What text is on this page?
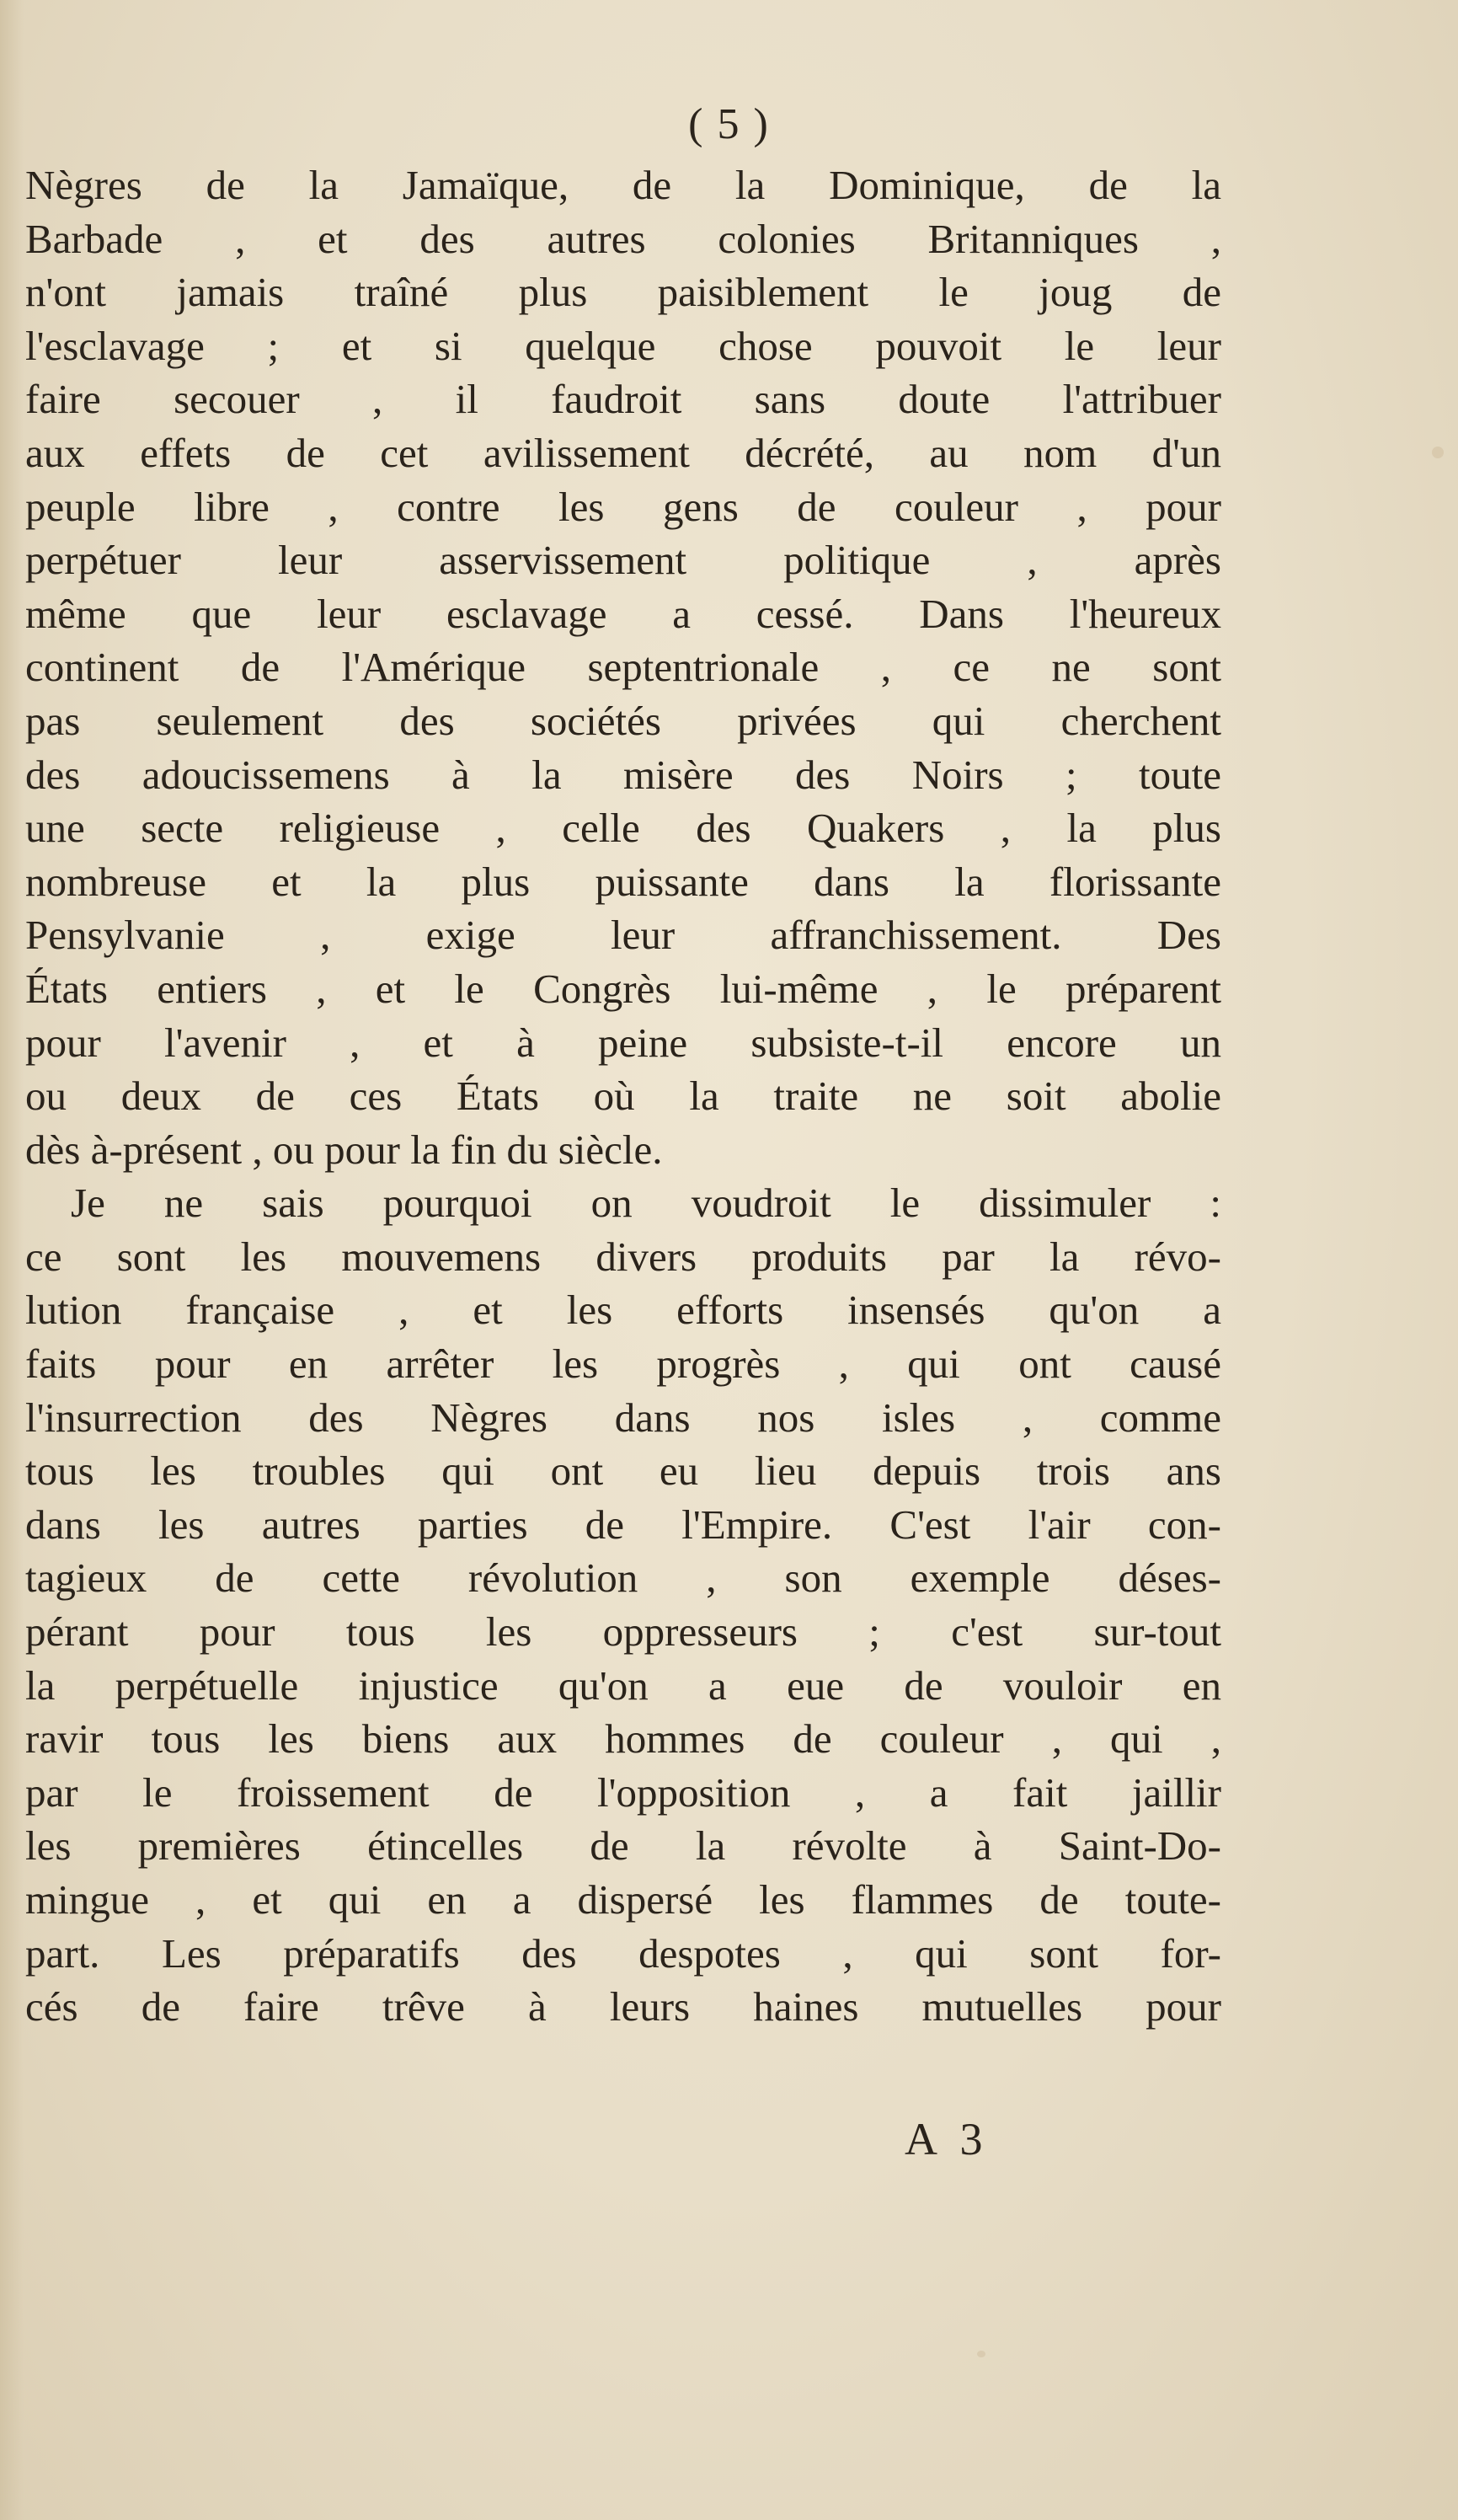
( 5 )
Nègres de la Jamaïque, de la Dominique, de la
Barbade , et des autres colonies Britanniques ,
n'ont jamais traîné plus paisiblement le joug de
l'esclavage ; et si quelque chose pouvoit le leur
faire secouer , il faudroit sans doute l'attribuer
aux effets de cet avilissement décrété, au nom d'un
peuple libre , contre les gens de couleur , pour
perpétuer leur asservissement politique , après
même que leur esclavage a cessé. Dans l'heureux
continent de l'Amérique septentrionale , ce ne sont
pas seulement des sociétés privées qui cherchent
des adoucissemens à la misère des Noirs ; toute
une secte religieuse , celle des Quakers , la plus
nombreuse et la plus puissante dans la florissante
Pensylvanie , exige leur affranchissement. Des
États entiers , et le Congrès lui-même , le préparent
pour l'avenir , et à peine subsiste-t-il encore un
ou deux de ces États où la traite ne soit abolie
dès à-présent , ou pour la fin du siècle.
Je ne sais pourquoi on voudroit le dissimuler :
ce sont les mouvemens divers produits par la révo-
lution française , et les efforts insensés qu'on a
faits pour en arrêter les progrès , qui ont causé
l'insurrection des Nègres dans nos isles , comme
tous les troubles qui ont eu lieu depuis trois ans
dans les autres parties de l'Empire. C'est l'air con-
tagieux de cette révolution , son exemple déses-
pérant pour tous les oppresseurs ; c'est sur-tout
la perpétuelle injustice qu'on a eue de vouloir en
ravir tous les biens aux hommes de couleur , qui ,
par le froissement de l'opposition , a fait jaillir
les premières étincelles de la révolte à Saint-Do-
mingue , et qui en a dispersé les flammes de toute-
part. Les préparatifs des despotes , qui sont for-
cés de faire trêve à leurs haines mutuelles pour
A 3
